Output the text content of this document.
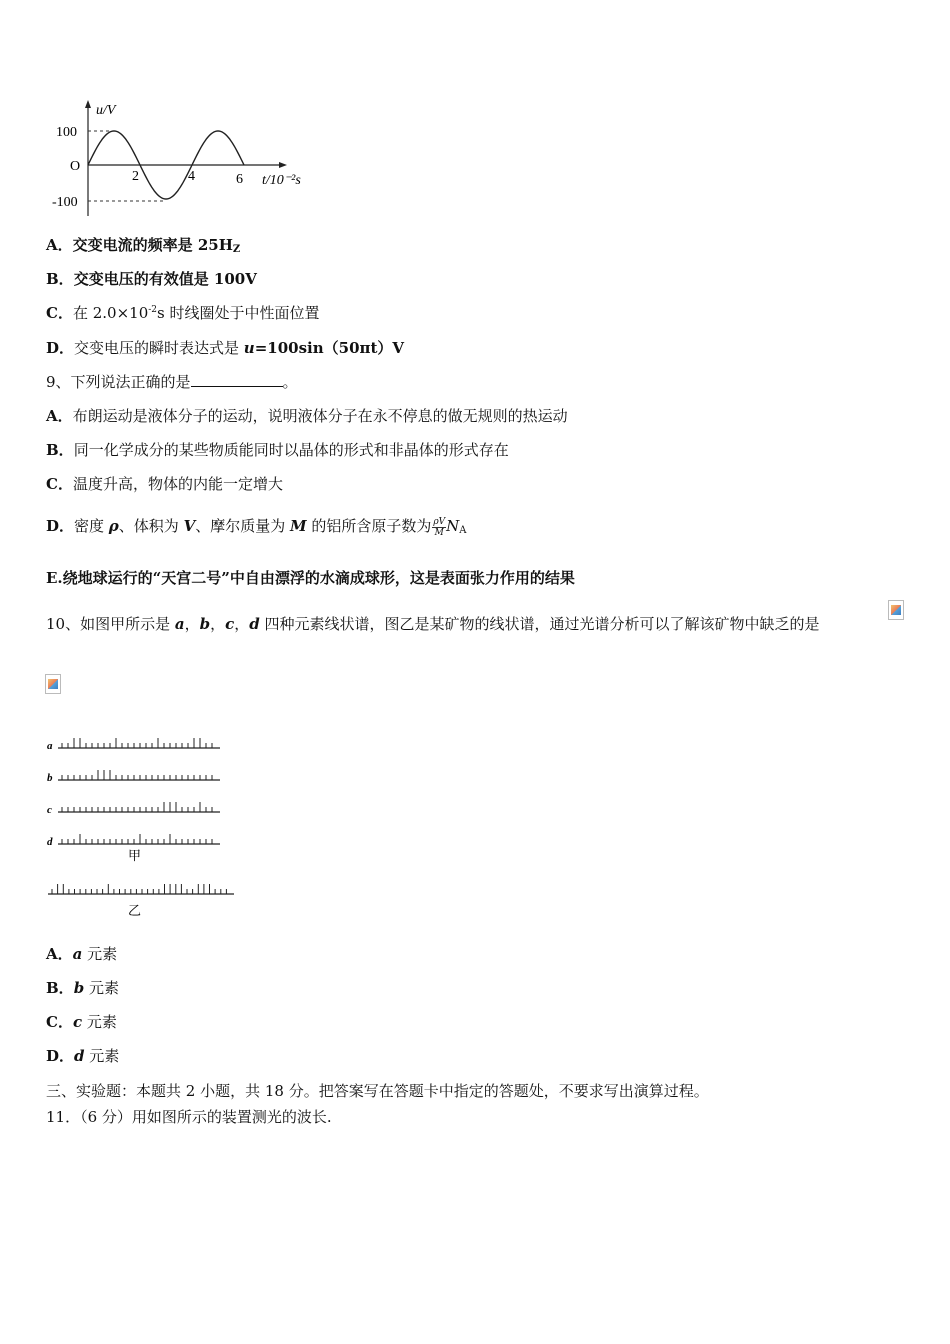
u/V
100
O
-100
2	4	6 t/10⁻²s
A．交变电流的频率是 $25H_Z$
B．交变电压的有效值是 100V
C．在 $2.0\times 10^{-2}s$ 时线圈处于中性面位置
D．交变电压的瞬时表达式是 u=100sin（50πt）V
9、下列说法正确的是	。
A．布朗运动是液体分子的运动，说明液体分子在永不停息的做无规则的热运动
B．同一化学成分的某些物质能同时以晶体的形式和非晶体的形式存在
C．温度升高，物体的内能一定增大
D．密度 ρ、体积为 V、摩尔质量为 M 的铝所含原子数为 $\frac{\rho V}{M} N_A$
E.绕地球运行的“天宫二号”中自由漂浮的水滴成球形，这是表面张力作用的结果
10、如图甲所示是 a，b，c，d 四种元素线状谱，图乙是某矿物的线状谱，通过光谱分析可以了解该矿物中缺乏的是
a
b
c
d
甲
乙
A．a 元素
B．b 元素
C．c 元素
D．d 元素
三、实验题：本题共 2 小题，共 18 分。把答案写在答题卡中指定的答题处，不要求写出演算过程。
11．（6 分）用如图所示的装置测光的波长.
